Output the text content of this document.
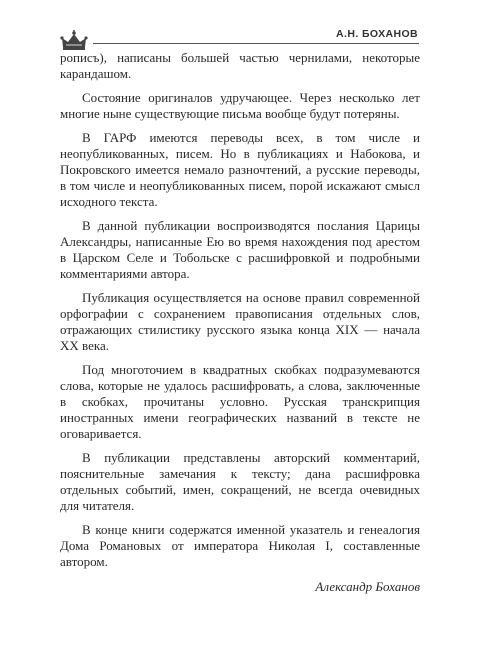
А.Н. БОХАНОВ

рописъ), написаны большей частью чернилами, некоторые карандашом.

Состояние оригиналов удручающее. Через несколько лет многие ныне существующие письма вообще будут потеряны.

В ГАРФ имеются переводы всех, в том числе и неопубликованных, писем. Но в публикациях и Набокова, и Покровского имеется немало разночтений, а русские переводы, в том числе и неопубликованных писем, порой искажают смысл исходного текста.

В данной публикации воспроизводятся послания Царицы Александры, написанные Ею во время нахождения под арестом в Царском Селе и Тобольске с расшифровкой и подробными комментариями автора.

Публикация осуществляется на основе правил современной орфографии с сохранением правописания отдельных слов, отражающих стилистику русского языка конца XIX — начала XX века.

Под многоточием в квадратных скобках подразумеваются слова, которые не удалось расшифровать, а слова, заключенные в скобках, прочитаны условно. Русская транскрипция иностранных имени географических названий в тексте не оговаривается.

В публикации представлены авторский комментарий, пояснительные замечания к тексту; дана расшифровка отдельных событий, имен, сокращений, не всегда очевидных для читателя.

В конце книги содержатся именной указатель и генеалогия Дома Романовых от императора Николая I, составленные автором.

Александр Боханов
